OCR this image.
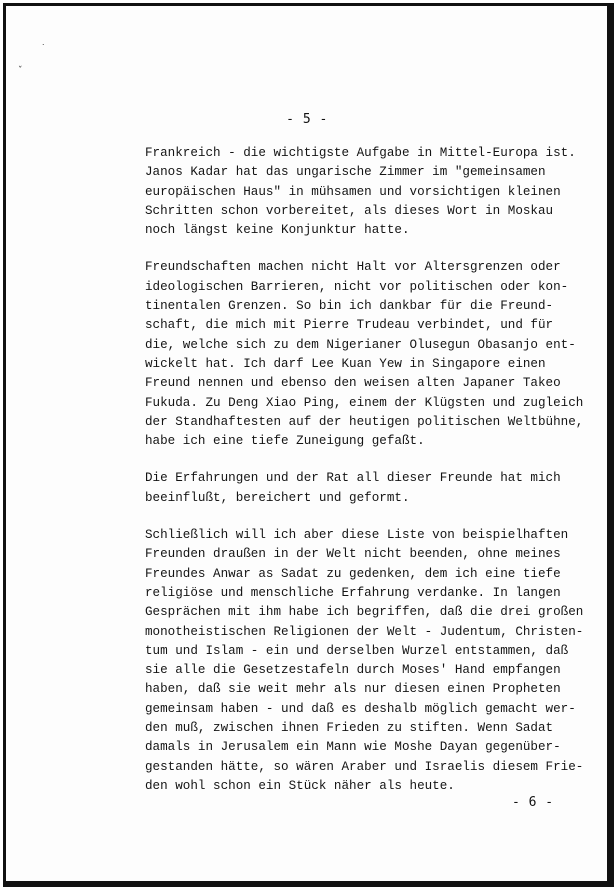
˙
ˇ
- 5 -
Frankreich - die wichtigste Aufgabe in Mittel-Europa ist.
Janos Kadar hat das ungarische Zimmer im "gemeinsamen
europäischen Haus" in mühsamen und vorsichtigen kleinen
Schritten schon vorbereitet, als dieses Wort in Moskau
noch längst keine Konjunktur hatte.
Freundschaften machen nicht Halt vor Altersgrenzen oder
ideologischen Barrieren, nicht vor politischen oder kon-
tinentalen Grenzen. So bin ich dankbar für die Freund-
schaft, die mich mit Pierre Trudeau verbindet, und für
die, welche sich zu dem Nigerianer Olusegun Obasanjo ent-
wickelt hat. Ich darf Lee Kuan Yew in Singapore einen
Freund nennen und ebenso den weisen alten Japaner Takeo
Fukuda. Zu Deng Xiao Ping, einem der Klügsten und zugleich
der Standhaftesten auf der heutigen politischen Weltbühne,
habe ich eine tiefe Zuneigung gefaßt.
Die Erfahrungen und der Rat all dieser Freunde hat mich
beeinflußt, bereichert und geformt.
Schließlich will ich aber diese Liste von beispielhaften
Freunden draußen in der Welt nicht beenden, ohne meines
Freundes Anwar as Sadat zu gedenken, dem ich eine tiefe
religiöse und menschliche Erfahrung verdanke. In langen
Gesprächen mit ihm habe ich begriffen, daß die drei großen
monotheistischen Religionen der Welt - Judentum, Christen-
tum und Islam - ein und derselben Wurzel entstammen, daß
sie alle die Gesetzestafeln durch Moses' Hand empfangen
haben, daß sie weit mehr als nur diesen einen Propheten
gemeinsam haben - und daß es deshalb möglich gemacht wer-
den muß, zwischen ihnen Frieden zu stiften. Wenn Sadat
damals in Jerusalem ein Mann wie Moshe Dayan gegenüber-
gestanden hätte, so wären Araber und Israelis diesem Frie-
den wohl schon ein Stück näher als heute.
- 6 -
